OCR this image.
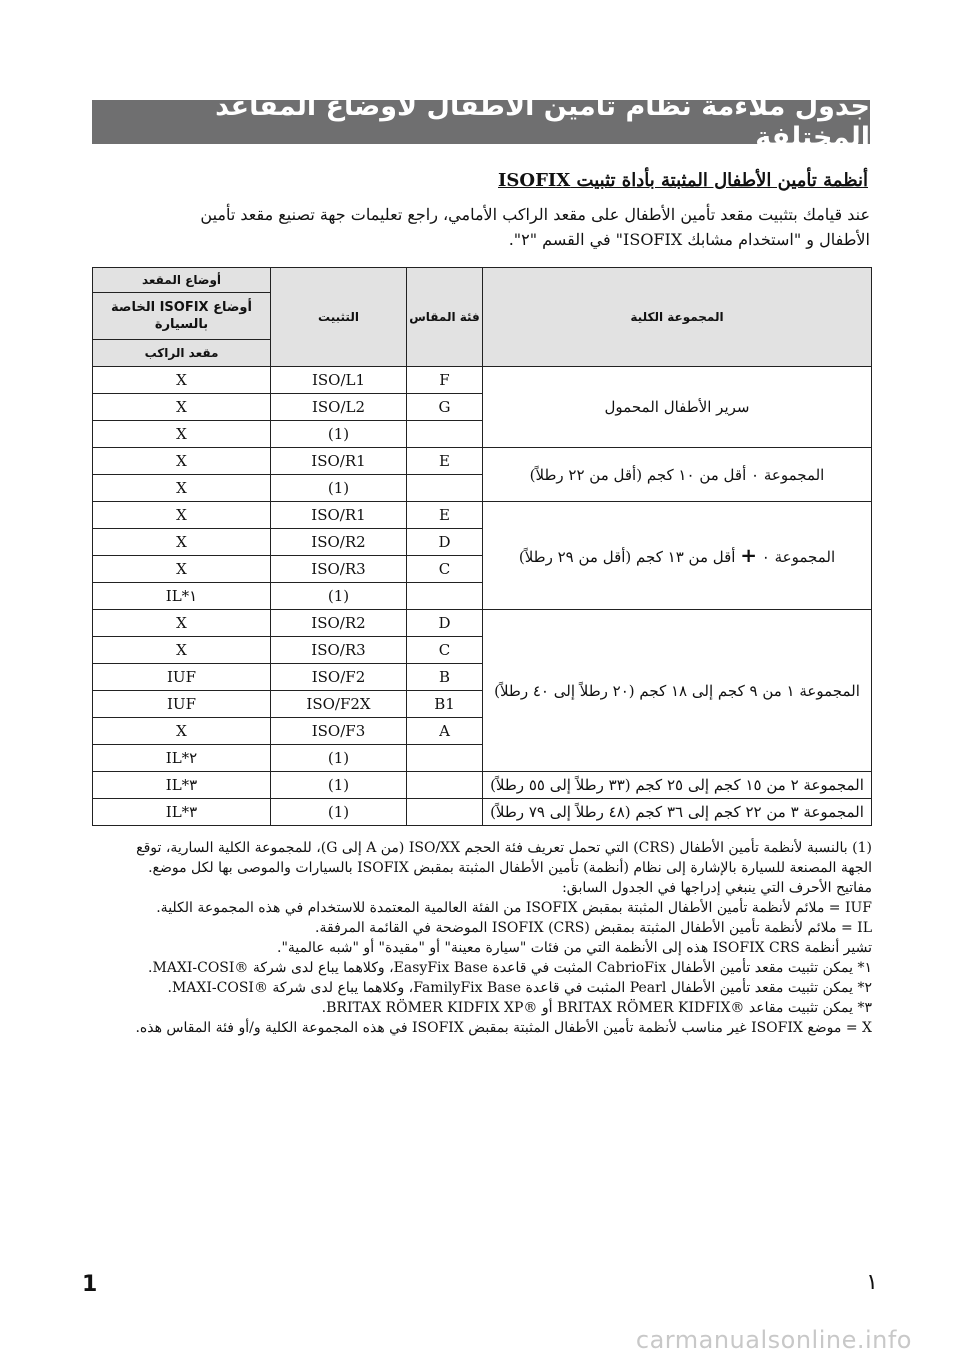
جدول ملاءمة نظام تأمين الأطفال لأوضاع المقاعد المختلفة
أنظمة تأمين الأطفال المثبتة بأداة تثبيت ISOFIX

عند قيامك بتثبيت مقعد تأمين الأطفال على مقعد الراكب الأمامي، راجع تعليمات جهة تصنيع مقعد تأمين

الأطفال و "استخدام مشابك ISOFIX" في القسم "٢".

المجموعة الكلية	فئة المقاس	التثبيت	أوضاع المقعد
			أوضاع ISOFIX الخاصة بالسيارة
			مقعد الراكب
سرير الأطفال المحمول	F	ISO/L1	X
	G	ISO/L2	X
		(1)	X
المجموعة ٠ أقل من ١٠ كجم (أقل من ٢٢ رطلاً)	E	ISO/R1	X
		(1)	X
المجموعة ٠ + أقل من ١٣ كجم (أقل من ٢٩ رطلاً)	E	ISO/R1	X
	D	ISO/R2	X
	C	ISO/R3	X
		(1)	IL*١
المجموعة ١ من ٩ كجم إلى ١٨ كجم (٢٠ رطلاً إلى ٤٠ رطلاً)	D	ISO/R2	X
	C	ISO/R3	X
	B	ISO/F2	IUF
	B1	ISO/F2X	IUF
	A	ISO/F3	X
		(1)	IL*٢
المجموعة ٢ من ١٥ كجم إلى ٢٥ كجم (٣٣ رطلاً إلى ٥٥ رطلاً)		(1)	IL*٣
المجموعة ٣ من ٢٢ كجم إلى ٣٦ كجم (٤٨ رطلاً إلى ٧٩ رطلاً)		(1)	IL*٣

(1) بالنسبة لأنظمة تأمين الأطفال (CRS) التي تحمل تعريف فئة الحجم ISO/XX (من A إلى G)، للمجموعة الكلية السارية، توقع

الجهة المصنعة للسيارة بالإشارة إلى نظام (أنظمة) تأمين الأطفال المثبتة بمقبض ISOFIX بالسيارات والموصى بها لكل موضع.

مفاتيح الأحرف التي ينبغي إدراجها في الجدول السابق:

IUF = ملائم لأنظمة تأمين الأطفال المثبتة بمقبض ISOFIX من الفئة العالمية المعتمدة للاستخدام في هذه المجموعة الكلية.

IL = ملائم لأنظمة تأمين الأطفال المثبتة بمقبض ISOFIX (CRS) الموضحة في القائمة المرفقة.

تشير أنظمة ISOFIX CRS هذه إلى الأنظمة التي من فئات "سيارة معينة" أو "مقيدة" أو "شبه عالمية".

١* يمكن تثبيت مقعد تأمين الأطفال CabrioFix المثبت في قاعدة EasyFix Base، وكلاهما يباع لدى شركة ®MAXI-COSI.

٢* يمكن تثبيت مقعد تأمين الأطفال Pearl المثبت في قاعدة FamilyFix Base، وكلاهما يباع لدى شركة ®MAXI-COSI.

٣* يمكن تثبيت مقاعد ®BRITAX RÖMER KIDFIX أو ®BRITAX RÖMER KIDFIX XP.

X = موضع ISOFIX غير مناسب لأنظمة تأمين الأطفال المثبتة بمقبض ISOFIX في هذه المجموعة الكلية و/أو فئة المقاس هذه.

1	١
carmanualsonline.info
